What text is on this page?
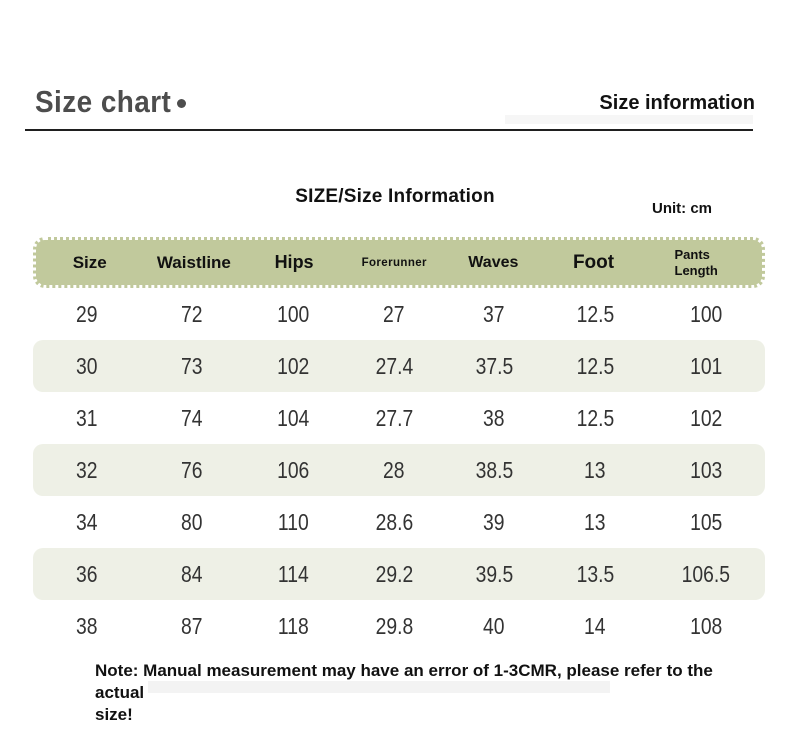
Size chart	Size information
SIZE/Size Information
Unit: cm
Size	Waistline	Hips	Forerunner	Waves	Foot	Pants Length
29	72	100	27	37	12.5	100
30	73	102	27.4	37.5	12.5	101
31	74	104	27.7	38	12.5	102
32	76	106	28	38.5	13	103
34	80	110	28.6	39	13	105
36	84	114	29.2	39.5	13.5	106.5
38	87	118	29.8	40	14	108
Note: Manual measurement may have an error of 1-3CMR, please refer to the actual
size!
